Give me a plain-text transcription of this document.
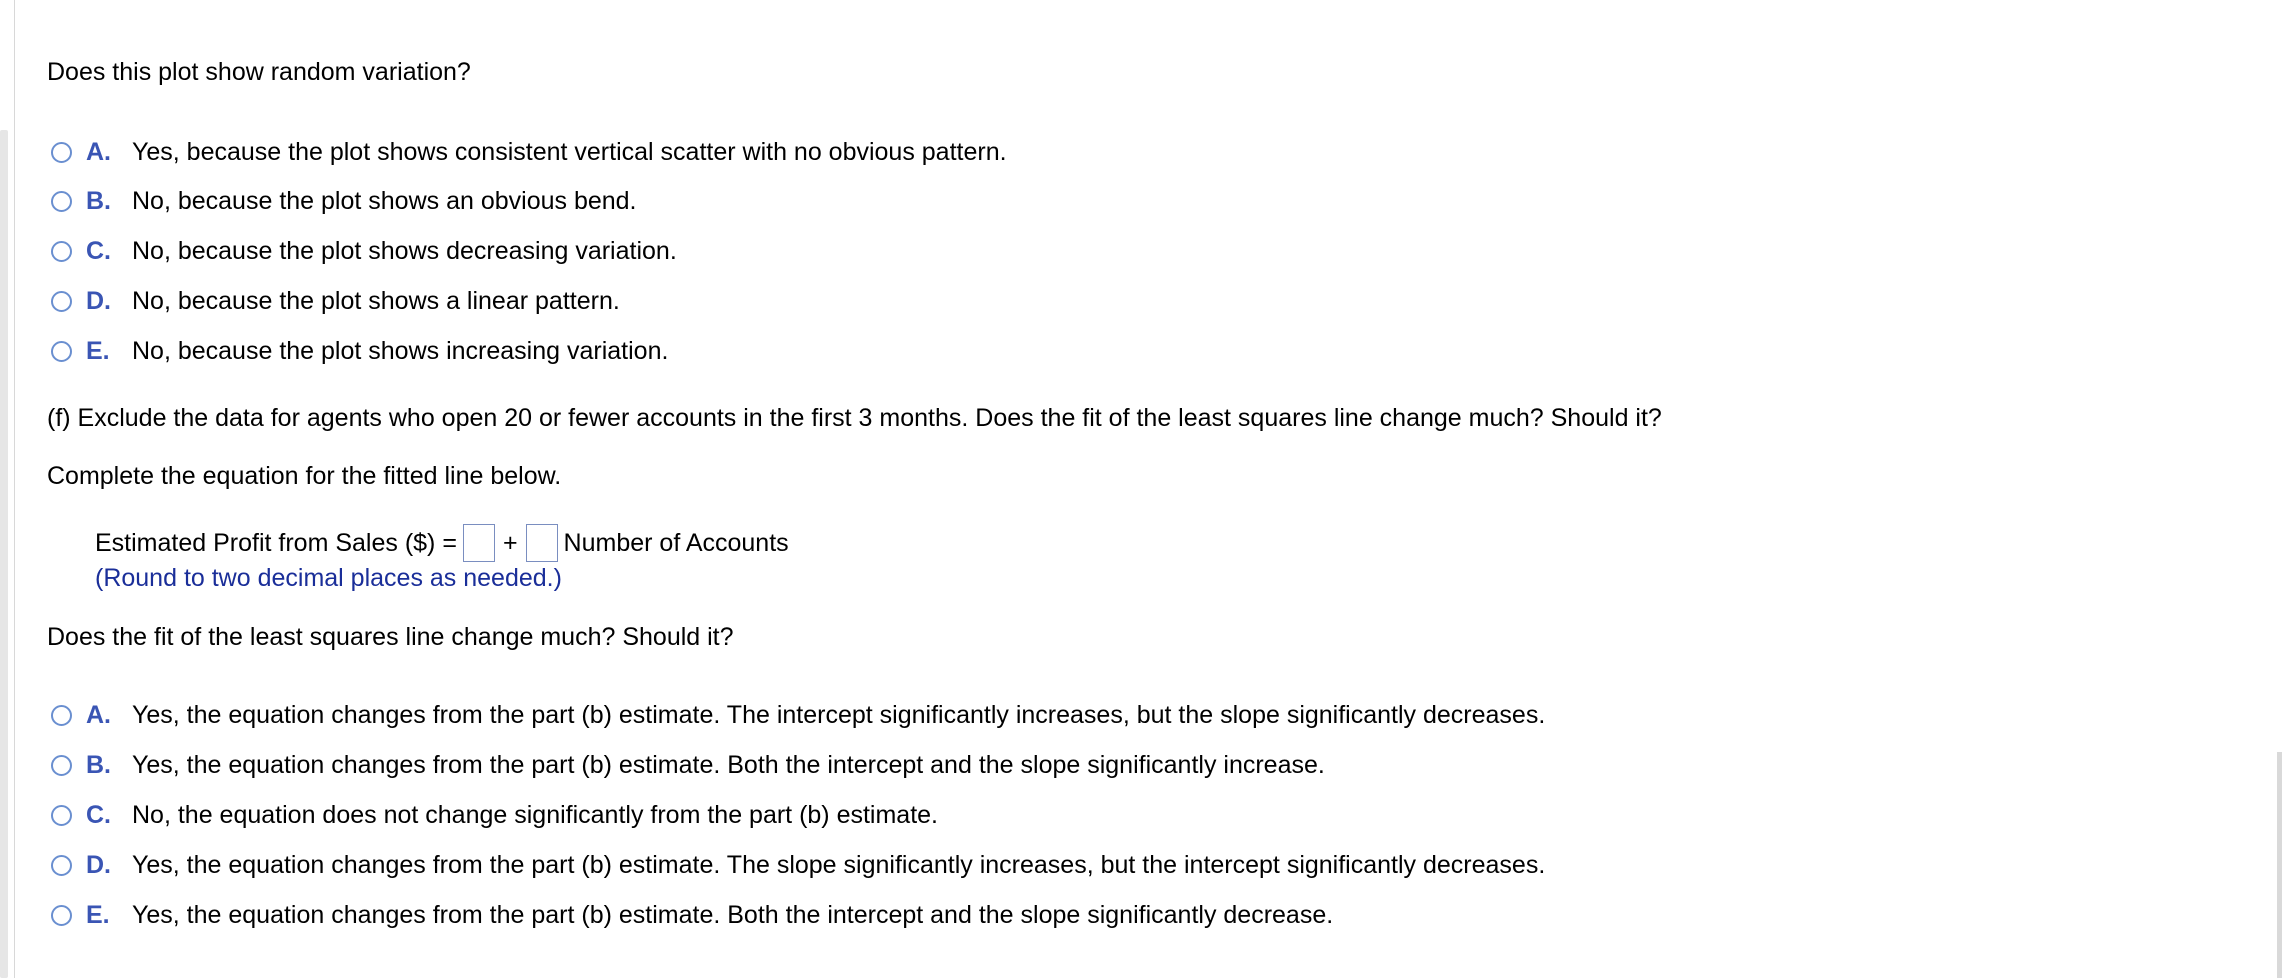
Does this plot show random variation?
A. Yes, because the plot shows consistent vertical scatter with no obvious pattern.
B. No, because the plot shows an obvious bend.
C. No, because the plot shows decreasing variation.
D. No, because the plot shows a linear pattern.
E. No, because the plot shows increasing variation.
(f) Exclude the data for agents who open 20 or fewer accounts in the first 3 months. Does the fit of the least squares line change much? Should it?
Complete the equation for the fitted line below.
Estimated Profit from Sales ($) = + Number of Accounts
(Round to two decimal places as needed.)
Does the fit of the least squares line change much? Should it?
A. Yes, the equation changes from the part (b) estimate. The intercept significantly increases, but the slope significantly decreases.
B. Yes, the equation changes from the part (b) estimate. Both the intercept and the slope significantly increase.
C. No, the equation does not change significantly from the part (b) estimate.
D. Yes, the equation changes from the part (b) estimate. The slope significantly increases, but the intercept significantly decreases.
E. Yes, the equation changes from the part (b) estimate. Both the intercept and the slope significantly decrease.
